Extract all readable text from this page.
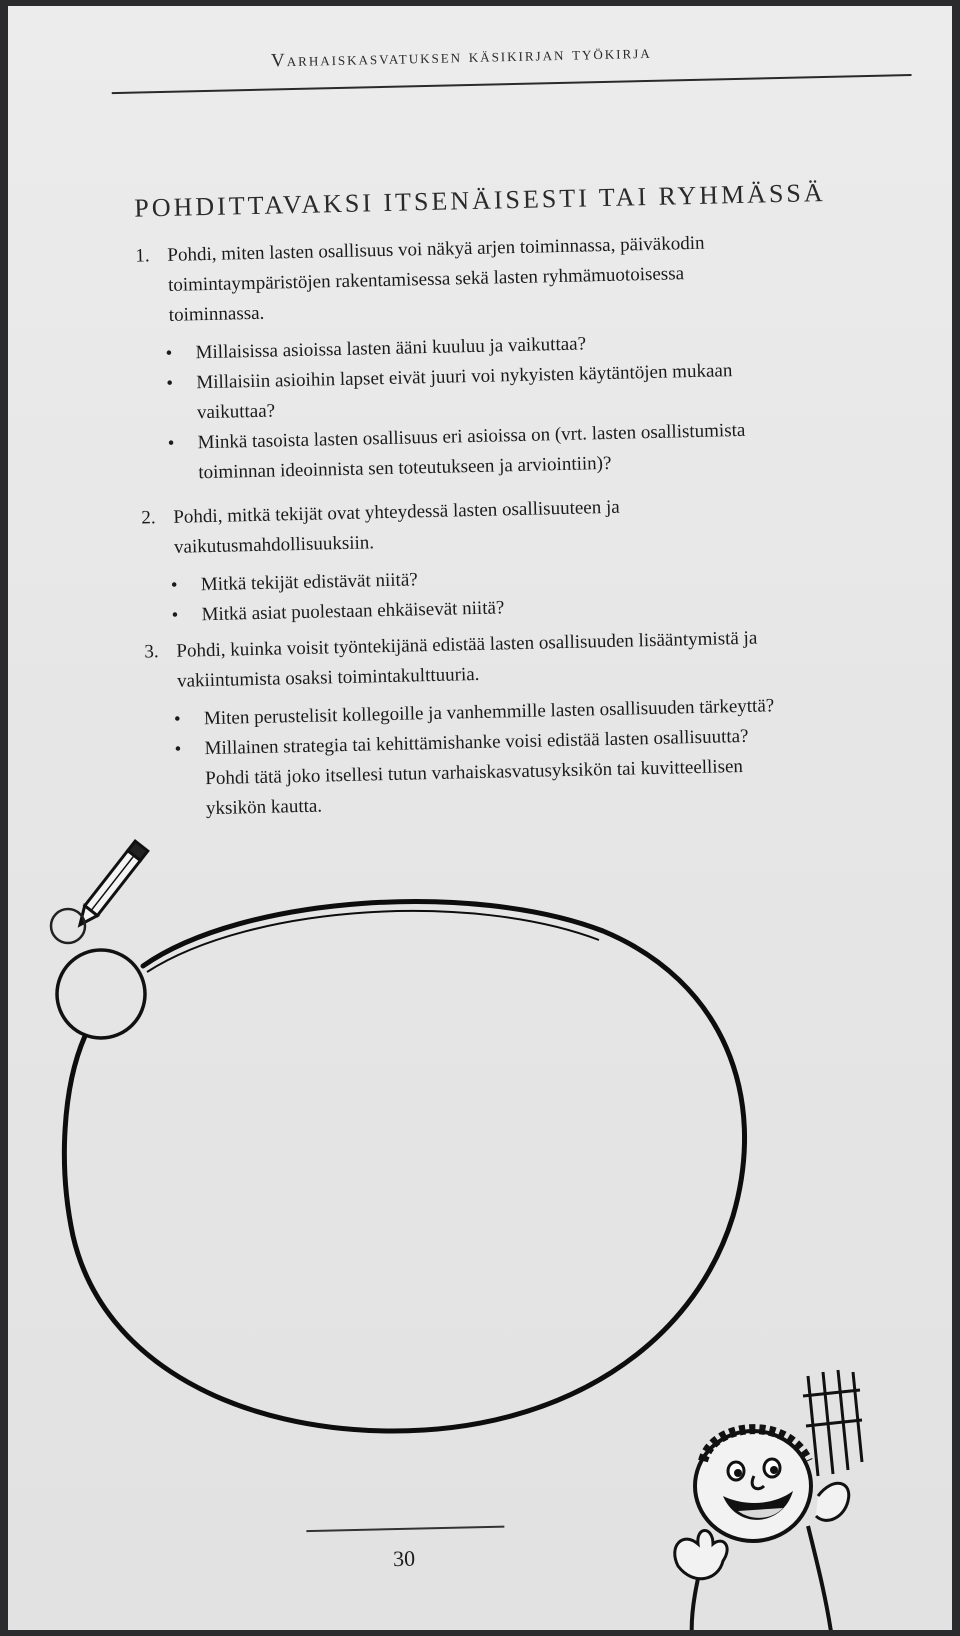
Varhaiskasvatuksen käsikirjan työkirja
POHDITTAVAKSI ITSENÄISESTI TAI RYHMÄSSÄ
1. Pohdi, miten lasten osallisuus voi näkyä arjen toiminnassa, päiväkodin toimintaympäristöjen rakentamisessa sekä lasten ryhmämuotoisessa toiminnassa.
• Millaisissa asioissa lasten ääni kuuluu ja vaikuttaa?
• Millaisiin asioihin lapset eivät juuri voi nykyisten käytäntöjen mukaan vaikuttaa?
• Minkä tasoista lasten osallisuus eri asioissa on (vrt. lasten osallistumista toiminnan ideoinnista sen toteutukseen ja arviointiin)?
2. Pohdi, mitkä tekijät ovat yhteydessä lasten osallisuuteen ja vaikutusmahdollisuuksiin.
• Mitkä tekijät edistävät niitä?
• Mitkä asiat puolestaan ehkäisevät niitä?
3. Pohdi, kuinka voisit työntekijänä edistää lasten osallisuuden lisääntymistä ja vakiintumista osaksi toimintakulttuuria.
• Miten perustelisit kollegoille ja vanhemmille lasten osallisuuden tärkeyttä?
• Millainen strategia tai kehittämishanke voisi edistää lasten osallisuutta? Pohdi tätä joko itsellesi tutun varhaiskasvatusyksikön tai kuvitteellisen yksikön kautta.
30
